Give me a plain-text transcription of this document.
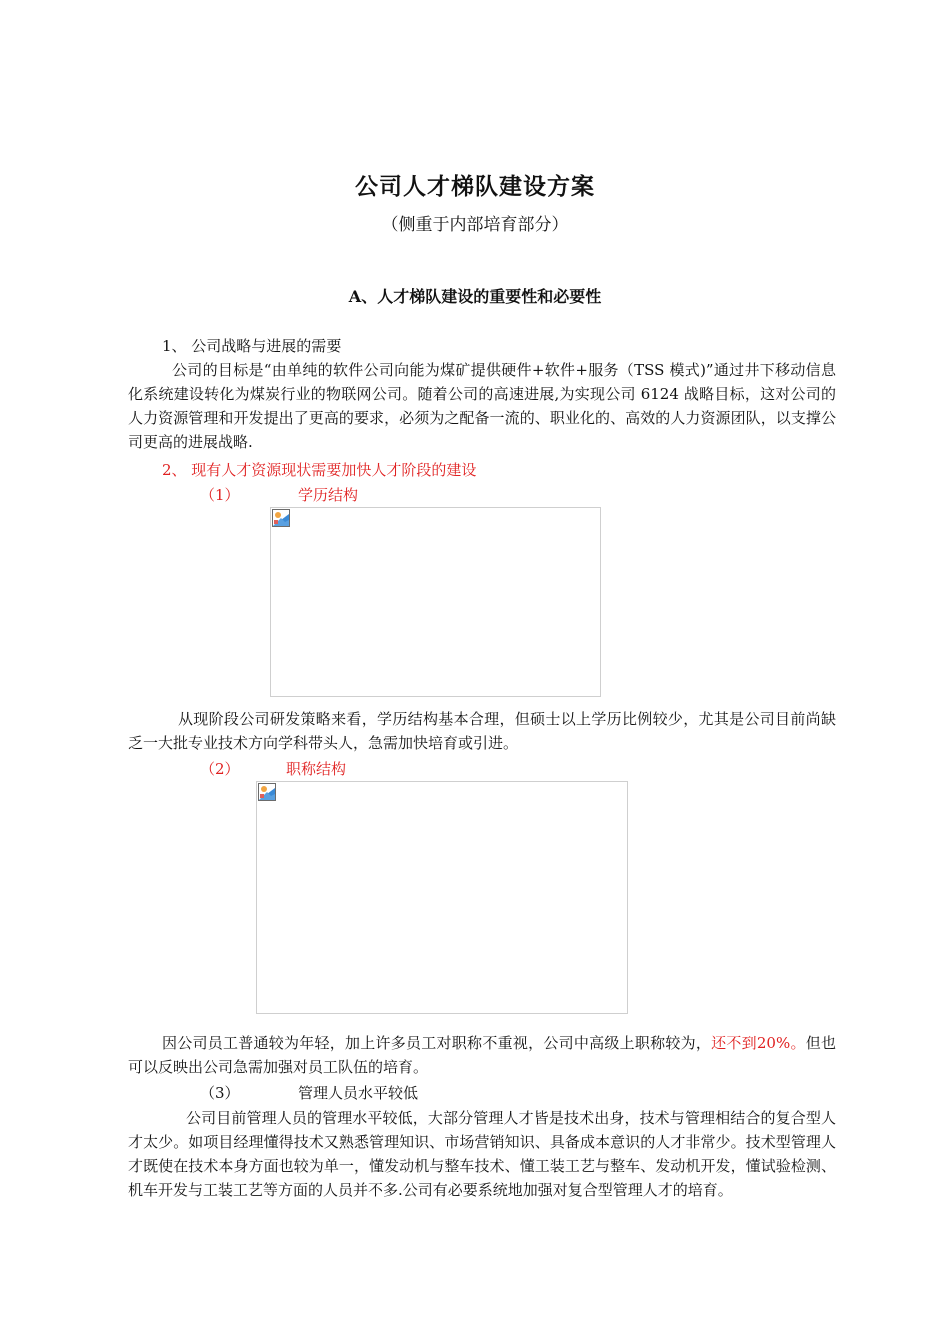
公司人才梯队建设方案
（侧重于内部培育部分）
A、人才梯队建设的重要性和必要性
1、 公司战略与进展的需要
公司的目标是“由单纯的软件公司向能为煤矿提供硬件+软件+服务（TSS 模式)”通过井下移动信息化系统建设转化为煤炭行业的物联网公司。随着公司的高速进展,为实现公司 6124 战略目标，这对公司的人力资源管理和开发提出了更高的要求，必须为之配备一流的、职业化的、高效的人力资源团队，以支撑公司更高的进展战略.
2、 现有人才资源现状需要加快人才阶段的建设
（1）	学历结构
从现阶段公司研发策略来看，学历结构基本合理，但硕士以上学历比例较少，尤其是公司目前尚缺乏一大批专业技术方向学科带头人，急需加快培育或引进。
（2）	职称结构
因公司员工普通较为年轻，加上许多员工对职称不重视，公司中高级上职称较为，还不到20%。但也可以反映出公司急需加强对员工队伍的培育。
（3）	管理人员水平较低
公司目前管理人员的管理水平较低，大部分管理人才皆是技术出身，技术与管理相结合的复合型人才太少。如项目经理懂得技术又熟悉管理知识、市场营销知识、具备成本意识的人才非常少。技术型管理人才既使在技术本身方面也较为单一，懂发动机与整车技术、懂工装工艺与整车、发动机开发，懂试验检测、机车开发与工装工艺等方面的人员并不多.公司有必要系统地加强对复合型管理人才的培育。
